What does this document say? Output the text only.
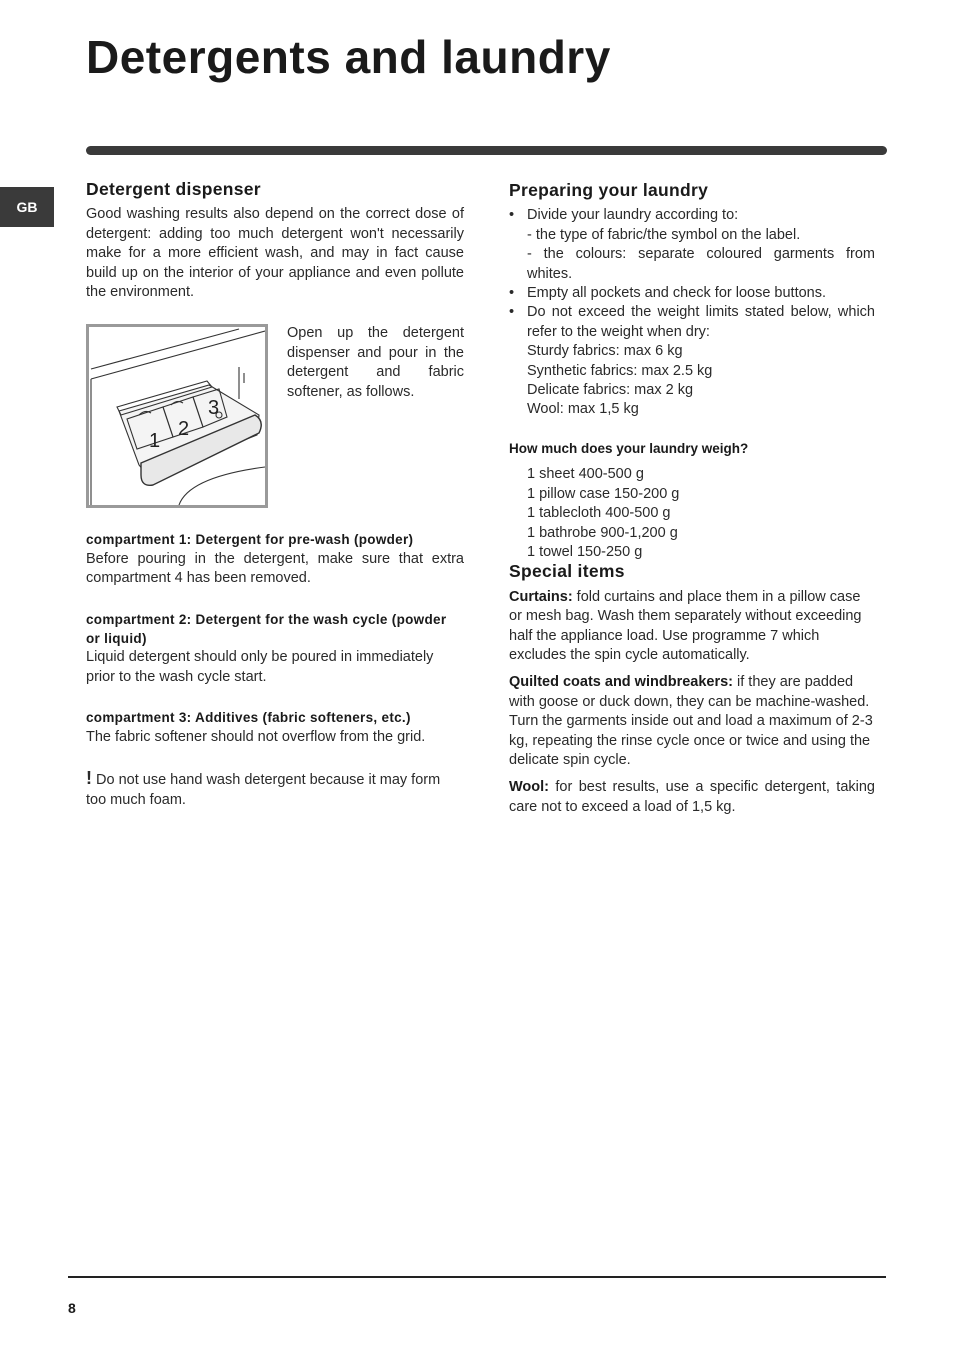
Detergents and laundry
GB
Detergent dispenser

Good washing results also depend on the correct dose of detergent: adding too much detergent won't necessarily make for a more efficient wash, and may in fact cause build up on the interior of your appliance and even pollute the environment.

1
2
3

Open up the detergent dispenser and pour in the detergent and fabric softener, as follows.

compartment 1: Detergent for pre-wash (powder)

Before pouring in the detergent, make sure that extra compartment 4 has been removed.

compartment 2: Detergent for the wash cycle (powder or liquid)

Liquid detergent should only be poured in immediately prior to the wash cycle start.

compartment 3: Additives (fabric softeners, etc.)

The fabric softener should not overflow from the grid.

! Do not use hand wash detergent because it may form too much foam.

Preparing your laundry
• Divide your laundry according to:
- the type of fabric/the symbol on the label.
- the colours: separate coloured garments from whites.
• Empty all pockets and check for loose buttons.
• Do not exceed the weight limits stated below, which refer to the weight when dry:
Sturdy fabrics: max 6 kg
Synthetic fabrics: max 2.5 kg
Delicate fabrics: max 2 kg
Wool: max 1,5 kg
How much does your laundry weigh?
1 sheet 400-500 g
1 pillow case 150-200 g
1 tablecloth 400-500 g
1 bathrobe 900-1,200 g
1 towel 150-250 g
Special items

Curtains: fold curtains and place them in a pillow case or mesh bag. Wash them separately without exceeding half the appliance load. Use programme 7 which excludes the spin cycle automatically.

Quilted coats and windbreakers: if they are padded with goose or duck down, they can be machine-washed. Turn the garments inside out and load a maximum of 2-3 kg, repeating the rinse cycle once or twice and using the delicate spin cycle.

Wool: for best results, use a specific detergent, taking care not to exceed a load of 1,5 kg.

8
